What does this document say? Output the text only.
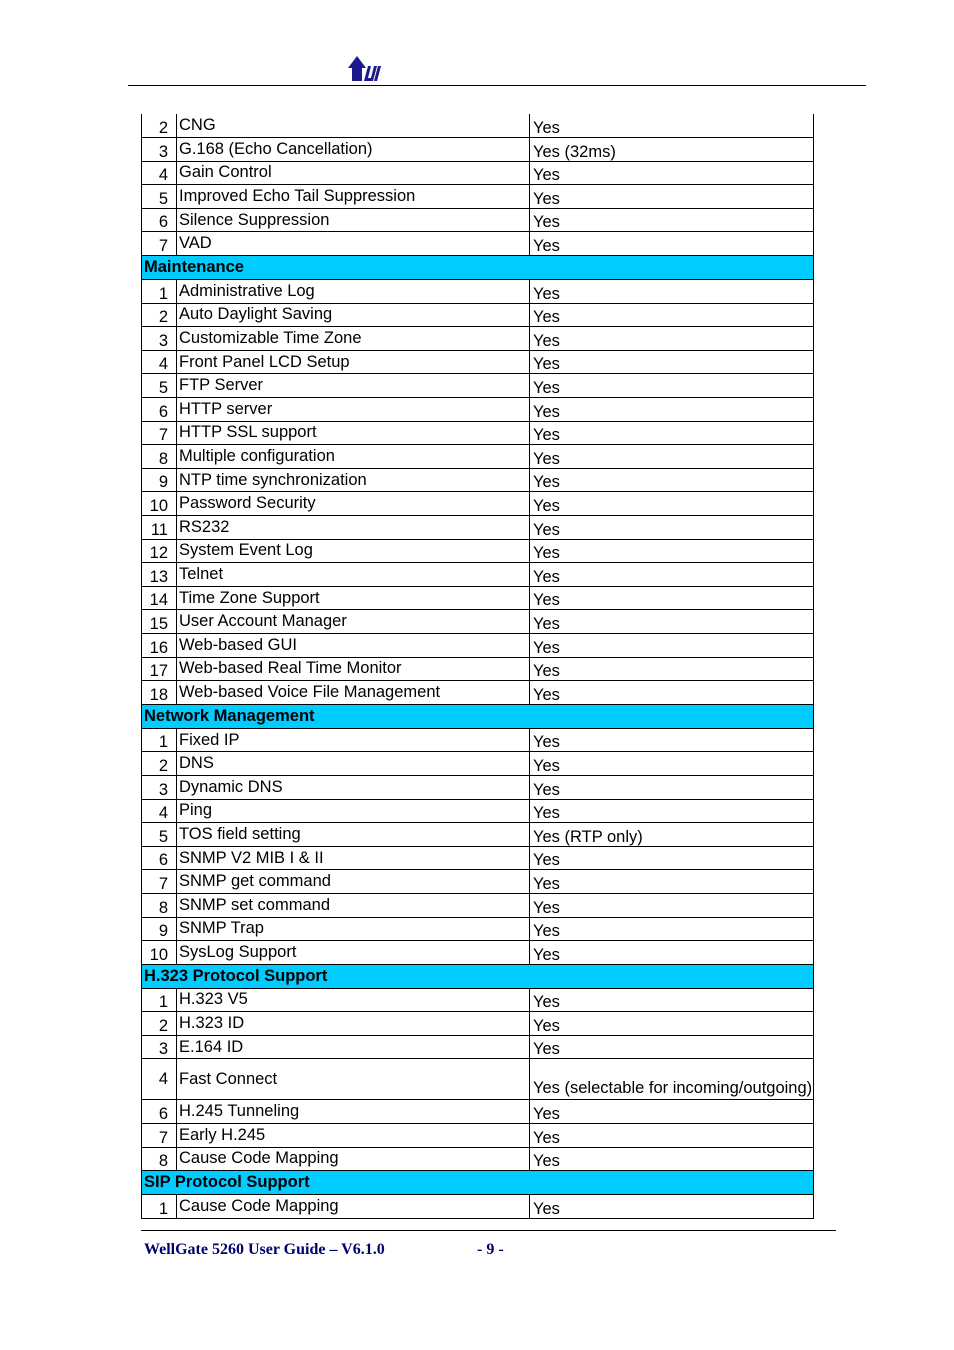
2	CNG	Yes
3	G.168 (Echo Cancellation)	Yes (32ms)
4	Gain Control	Yes
5	Improved Echo Tail Suppression	Yes
6	Silence Suppression	Yes
7	VAD	Yes
Maintenance		
1	Administrative Log	Yes
2	Auto Daylight Saving	Yes
3	Customizable Time Zone	Yes
4	Front Panel LCD Setup	Yes
5	FTP Server	Yes
6	HTTP server	Yes
7	HTTP SSL support	Yes
8	Multiple configuration	Yes
9	NTP time synchronization	Yes
10	Password Security	Yes
11	RS232	Yes
12	System Event Log	Yes
13	Telnet	Yes
14	Time Zone Support	Yes
15	User Account Manager	Yes
16	Web-based GUI	Yes
17	Web-based Real Time Monitor	Yes
18	Web-based Voice File Management	Yes
Network Management		
1	Fixed IP	Yes
2	DNS	Yes
3	Dynamic DNS	Yes
4	Ping	Yes
5	TOS field setting	Yes (RTP only)
6	SNMP V2 MIB I & II	Yes
7	SNMP get command	Yes
8	SNMP set command	Yes
9	SNMP Trap	Yes
10	SysLog Support	Yes
H.323 Protocol Support		
1	H.323 V5	Yes
2	H.323 ID	Yes
3	E.164 ID	Yes
4	Fast Connect	Yes (selectable for incoming/outgoing)
6	H.245 Tunneling	Yes
7	Early H.245	Yes
8	Cause Code Mapping	Yes
SIP Protocol Support		
1	Cause Code Mapping	Yes
WellGate 5260 User Guide – V6.1.0	- 9 -
